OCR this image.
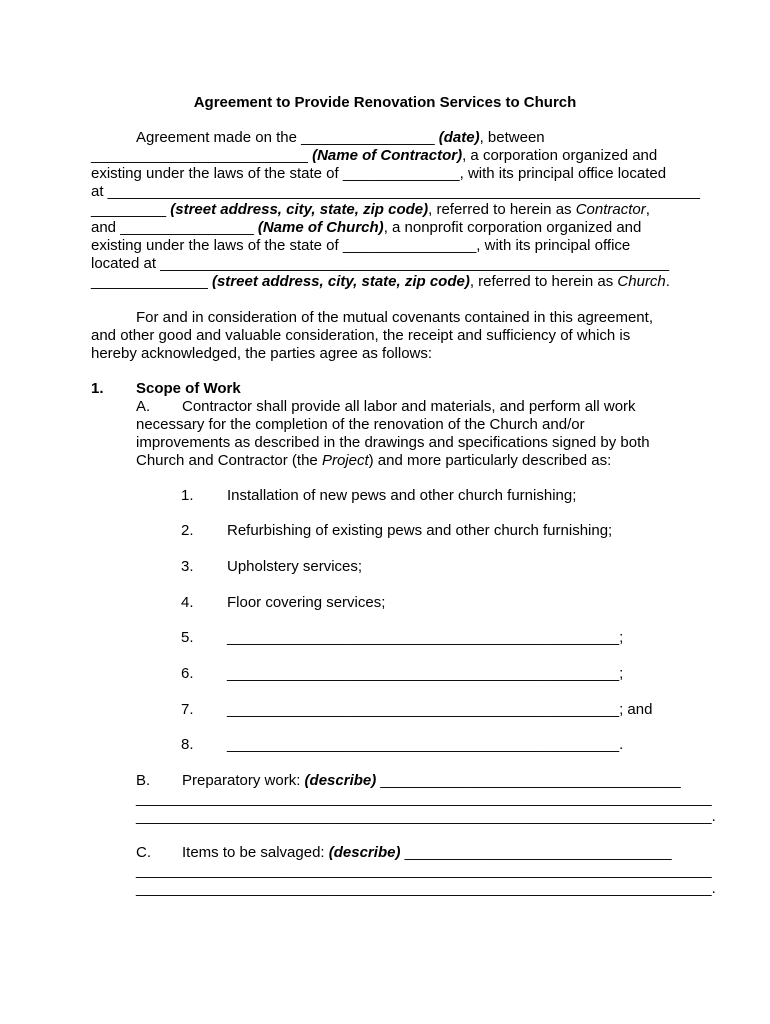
Agreement to Provide Renovation Services to Church
Agreement made on the ________________ (date), between
__________________________ (Name of Contractor), a corporation organized and
existing under the laws of the state of ______________, with its principal office located
at _______________________________________________________________________
_________ (street address, city, state, zip code), referred to herein as Contractor,
and ________________ (Name of Church), a nonprofit corporation organized and
existing under the laws of the state of ________________, with its principal office
located at _____________________________________________________________
______________ (street address, city, state, zip code), referred to herein as Church.
For and in consideration of the mutual covenants contained in this agreement,
and other good and valuable consideration, the receipt and sufficiency of which is
hereby acknowledged, the parties agree as follows:
1. Scope of Work
A. Contractor shall provide all labor and materials, and perform all work
necessary for the completion of the renovation of the Church and/or
improvements as described in the drawings and specifications signed by both
Church and Contractor (the Project) and more particularly described as:
1. Installation of new pews and other church furnishing;
2. Refurbishing of existing pews and other church furnishing;
3. Upholstery services;
4. Floor covering services;
5. _______________________________________________;
6. _______________________________________________;
7. _______________________________________________; and
8. _______________________________________________.
B. Preparatory work: (describe) ____________________________________
_____________________________________________________________________
_____________________________________________________________________.
C. Items to be salvaged: (describe) ________________________________
_____________________________________________________________________
_____________________________________________________________________.
